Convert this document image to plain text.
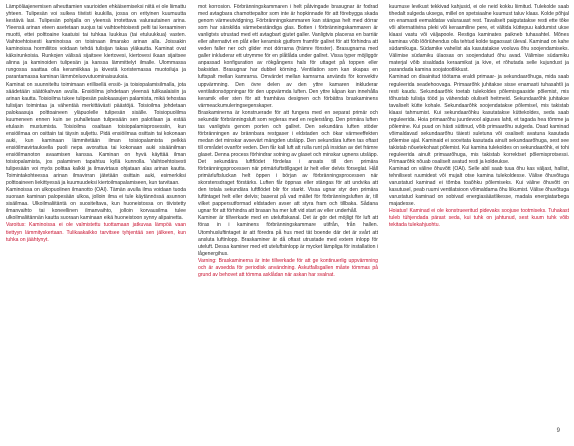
Lämpöläajenemisen aiheuttamien vaurioiden ehkäisemiseksi niitä ei ole liimattu yhteen. Tulipesän voi sulkea tiiviisti kuukilla, jossa on erityinen kuumuutta kestävä lasi. Tulipesän pohjalla on yleensä irrotettava valurautainen arina. Yleensä arinan eteen asetetaan suojus tai vaihtoehtoisesti pelti tai keraaminen muotti, ettei polttoaine kaatuisi tai tuhkaa luukkua (tai etuluukkua) vasten. Vaihtoehtoisesti kaminoissa on toisinaan ilmarako arinan alla. Joissakin kaminoissa hormiliitos voidaan tehdä tulisijan takaa yläkautta. Kaminat ovat käksirunkoisia. Runkojen välissä sijaitsee kiertovesi, kiertovesi ikaan sijaitsee alinna ja kaminoiden tulipesän ja kanssa lämmittelyt ilmalle. Ulommassa rungossa saattaa olla keramiikkaa ja kivestä koristemassa muotoiluja ja parantamassa kaminan lämmönluovutuominaisuuksia.

Kaminat on suunniteltu toimimaan erillisellä ensiö- ja toisiopalamisilmalla, jota säädetään säätökahvan avulla. Ensiöilma johdetaan yleensä tulikaalaisiin ja arinan kautta. Toisioilma tukee tulipesän palokaasujen palamista, mikä tehostaa tulisijan toimintaa ja vähentää merkittävästi päästöjä. Toisioilma johdetaan palokaasuja polttoaineen yläpuolelle tulipesän sisälle. Toisiopuolilma kuumeneen ennen kuin se puhalletaan tulipesään sen palotilaan ja estää etulasin mustumista. Toisioilma osaltaan toisiopalamisprosessiin, kun ensiöilmaa on osittain tai täysin suljettu. Pidä ensiöilmaa osittain tai kokonaan auki, kun kaminaan lämmitetään ilman toisiopalamista pelkkä ensiöilmavirtauksella puoli nepa avorattua tai kokonaan auki sisäänilman ensiöilmanoton avaamisen kanssa. Kaminan on hyvä käyttää ilman toisiopalamista, jos palaminen tapahtuu kyllä kunnolla. Vaihtoehtoisesti tulipesään voi myös polttaa kalkki ja ilmavirtaus ohjataan alas arinan kautta. Toimintakohteessa arinan ilmavirran jätetään osittain auki, esimerkiksi polttoaineen liekittyessä ja kuumuudeksi kiertoilmapalamiseen, kun tarvitaan.

Kaminoissa on ulkopuolinen ilmanotto (OAI). Tämän avulla ilma voidaan tuoda suoraan kaminan palopesään ulkoa, jolloin ilma ei tule käytännössä asunnon sisäilmaa. Ulkoilmaliitäntä on suositeltava, kun huoneistossa on tiivistetty ilmanvaihto tai koneellinen ilmanvaihto, jolloin korvausilma tulee ulkoilmaliitännän kautta suoraan kaminaan eikä huoneistoon synny alipainetta.

Varoitus: Kaminoissa ei ole valmistettu tuottamaan jatkuvaa lämpöä vaan tiettyyn lämmityskertaan. Tulikaakaikko tarvitsee tyhjentää sen jälkeen, kun tuhka on jäähtynyt.

mot korrosion. Förbränningskammaren i helt påtvingade brasugnar är fodrad med avtagbara chamottepaltor som inte är hopkinnade för att förebygga skada genom värmeutvidgning. Förbränningskammaren kan stängas helt med dörrar som har särskilda värmebeständiga glas. Botten i förbränningskammaren är vanligtvis utrustad med ett avtagbart gjutet galler. Vanligtvis placeras en barriär eller alternativt en plåt eller keramisk gjutform framför gallret för att förhindra att veden faller ner och glider mot dörrarna (främre fönster). Brasugnarna med galler inkluderar ett utrymme för en plåtlåda under gallret. Vissa typer möjliggör anpassad konfiguration av rökgångens hals för uttaget på toppen eller baksidan. Brasugnar har dubbel körning. Ventilation som kan skapas en luftspalt mellan kamrarna. Omvärdet mellan kamrarna används för konvektiv uppvärmning. Den övre delen av den yttre kamaren inkluderar ventilationsöppningar för den uppvärmda luften. Den yttre kåpan kan innehålla keramik eller sten för att framhäva designen och förbättra braskaminens värmeackumuleringsegenskaper.

Braskaminerna är konstruerade för att fungera med en separat primär och sekundär förbränningsluft som regleras med en reglerstång. Den primära luften tas vanligtvis genom porten och gallret. Den sekundära luften stöder förbränningen av brännbara restgaser i eldstaden och ökar värmeeffekten medan det minskar avsevärt mängden utsläpp. Den sekundära luften tas oftast till området ovanför veden. Den får kall luft att rulla runt på insidan av det främre glaset. Denna process förhindrar sotning av glaset och minskar ugnens utsläpp. Det sekundära luftflödet fördelas i ansats till den primära förbränningsprocessen när primärluftstillgaget är helt eller delvis förseglat. Håll primärluftsluckan helt öppen i början av förbränningsprocessen när skorstensdraget förstärks. Luften får öppnas eller stängas för att undvika att den totala sekundära luftflödet blir för starkt. Vissa ugnar styr den primära luftintaget helt eller delvis; baserat på vad mället för förbränningsluften är, till vilket pappersutformad eldstaden avser att styra fram och tillbaka. Sådana ugnar för att förhindra att brasan ha mer luft vid start av eller underhåll.

Kaminer är tillverkade med en uteluftskanal. Det är gör det möjligt för luft att föras in i kaminens förbränningskammare utifrån, från hallen. Utomhusluftintaget är att föredra på hus med tät boende där det är svårt att ansluta luftinlopp. Braskaminer är då oftast utrustade med extern inlopp för uteluft. Dessa kaminer med ett uteluftsinlopp är mycket lämpliga för installation i lågenergihus.

Varning: Braskaminerna är inte tillverkade för att ge kontinuerlig uppvärmning och är avsedda för periodisk användning. Askutfallsgallen måste tömmas på grund av behovet att tömma asklådan när askan har svalnat.

kuumuse levikust tekkivad kahjusid, ei ole neid kokku liimitud. Tulekolde saab tihedalt sulgeda uksega, millel on spetsiaalne kuumust taluv klaas. Kolde põhjal on enamasti eemaldatav valurauast rest. Tavaliselt paigutatakse resti ette tõke või alternatiivina pleki või keraamiline pere, et vältida küttepuu kaldumist ukse klaasi vastu või väljapoole. Restiga kaminates paikneb tuhasahtel. Mõnes kaminas võib lõõriühendus olla tehtud kolde tagaosast üleval. Kaminad on kahe südamikuga. Südamike vahelist ala kasutatakse vooluva õhu soojendamiseks. Välimise südamiku ülaosas on soojendatud õhu avad. Välimise südamiku materjal võib sisaldada keraamikat ja kive, et rõhutada selle kujundust ja parandada kamina soojatootlikkust.

Kaminad on disainitud töötama eraldi primaar- ja sekundaarõhuga, mida saab reguleerida seadehoovaga. Primaarõhk juhitakse sisse enamasti tuhasahtli ja resti kaudu. Sekundaarõhk toetab tulekoldes põlemisgaaside põlemist, mis tõhustab tulisija tööd ja vähendab oluliselt heitmeid. Sekundaarõhk juhitakse tavaliselt kütte kohale. Sekundaarõhk soojendatakse põlemisel, mis takistab klaasi tahmumist. Kui sekundaarõhku kasutatakse küttekoldes, seda saab reguleerida. Hoia primaarõhu juurdevool alguses lahti, et tagada hea tõmme ja põlemine. Kui puud on hästi süttinud, võib primaarõhu sulgeda. Osad kaminad võimaldavad sekundaarõhu täiesti suletuna või osaliselt avatuna kasutada põlemise ajal. Kaminaid ei soovitata kasutada ainult sekundaarõhuga, sest see takistab nõuetekohast põlemist. Kui kamina tulekoldes on sekundaarõhk, ei tohi reguleerida ainult primaarõhuga, mis takistab korrektset põlemisprotsessi. Primaarõhk nõuab osaliselt avatud resti ja koldeukse.

Kaminad on väline õhuvõtt (OAI). Selle abil saab tuua õhu kas väljast, hallist, tehnilisest ruumidest või mujalt otse kamina tulekoldesse. Välise õhuvõtuga varustatud kaminad ei tõmba toaõhku põlemiseks. Kui väline õhuvõtt on kasutusel, peab ruumi ventilatsioon võimaldama õhu liikumist. Välise õhuvõtuga varustatud kaminad on sobivad energiasäästlikesse, madala energiatarbega majadesse.

Hoiatus! Kaminad ei ole konstrueeritud pidevaks soojuse tootmiseks. Tuhakast tuleb tühjendada pärast seda, kui tuhk on jahtunud, sest kuum tuhk võib tekitada tulekahjuohtu.

9
